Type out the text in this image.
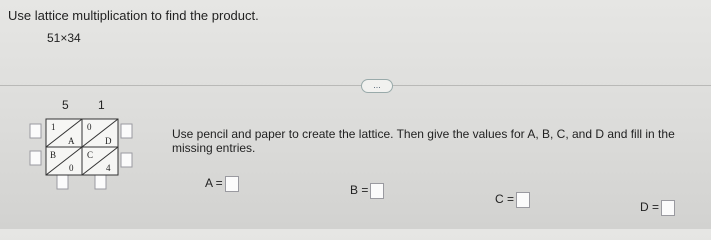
Use lattice multiplication to find the product.
51×34
...
5 1
1
A
0
D
B
0
C
4
Use pencil and paper to create the lattice. Then give the values for A, B, C, and D and fill in the missing entries.
A =	B =
C =
D =
